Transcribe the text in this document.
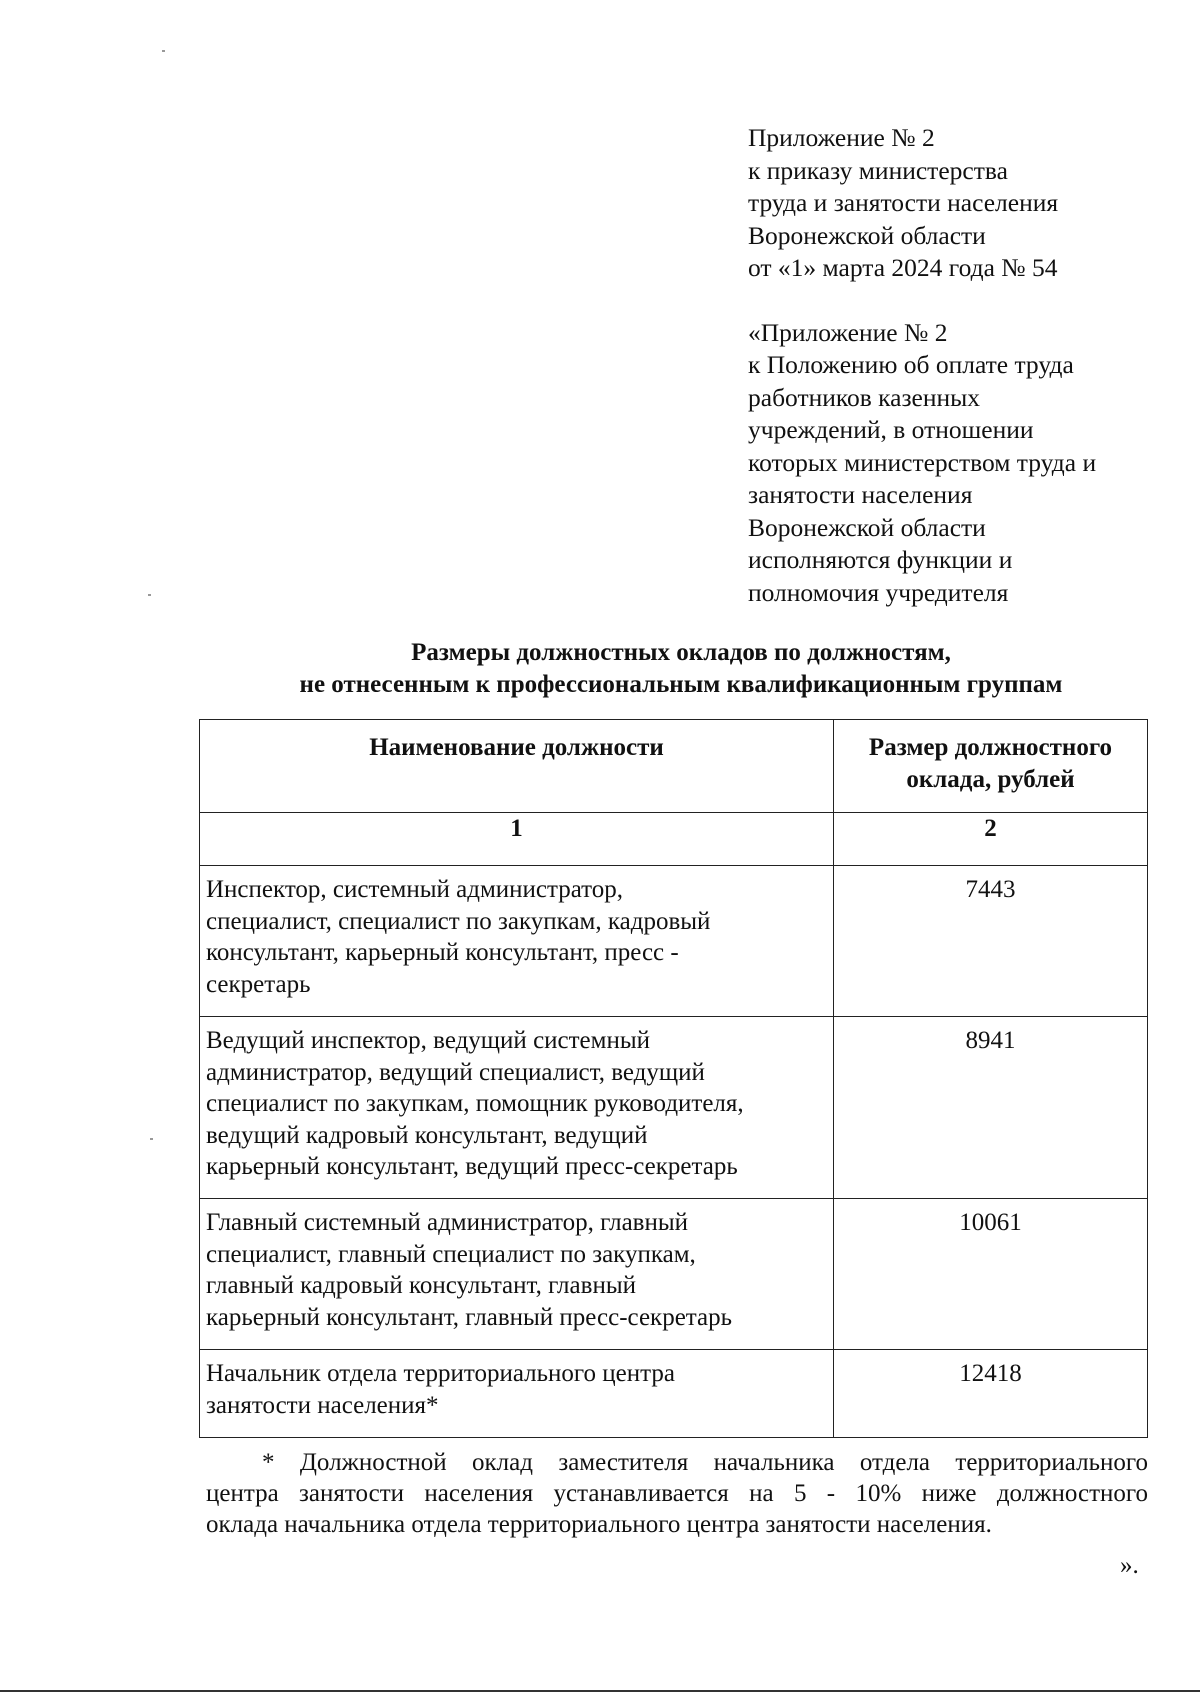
Приложение № 2
к приказу министерства
труда и занятости населения
Воронежской области
от «1» марта 2024 года № 54
«Приложение № 2
к Положению об оплате труда
работников казенных
учреждений, в отношении
которых министерством труда и
занятости населения
Воронежской области
исполняются функции и
полномочия учредителя
Размеры должностных окладов по должностям,
не отнесенным к профессиональным квалификационным группам
Наименование должности	Размер должностного
оклада, рублей
1	2

Инспектор, системный администратор,
специалист, специалист по закупкам, кадровый
консультант, карьерный консультант, пресс -
секретарь	7443

Ведущий инспектор, ведущий системный
администратор, ведущий специалист, ведущий
специалист по закупкам, помощник руководителя,
ведущий кадровый консультант, ведущий
карьерный консультант, ведущий пресс-секретарь	8941

Главный системный администратор, главный
специалист, главный специалист по закупкам,
главный кадровый консультант, главный
карьерный консультант, главный пресс-секретарь	10061

Начальник отдела территориального центра
занятости населения*	12418
* Должностной оклад заместителя начальника отдела территориального
центра занятости населения устанавливается на 5 - 10% ниже должностного
оклада начальника отдела территориального центра занятости населения.
».
